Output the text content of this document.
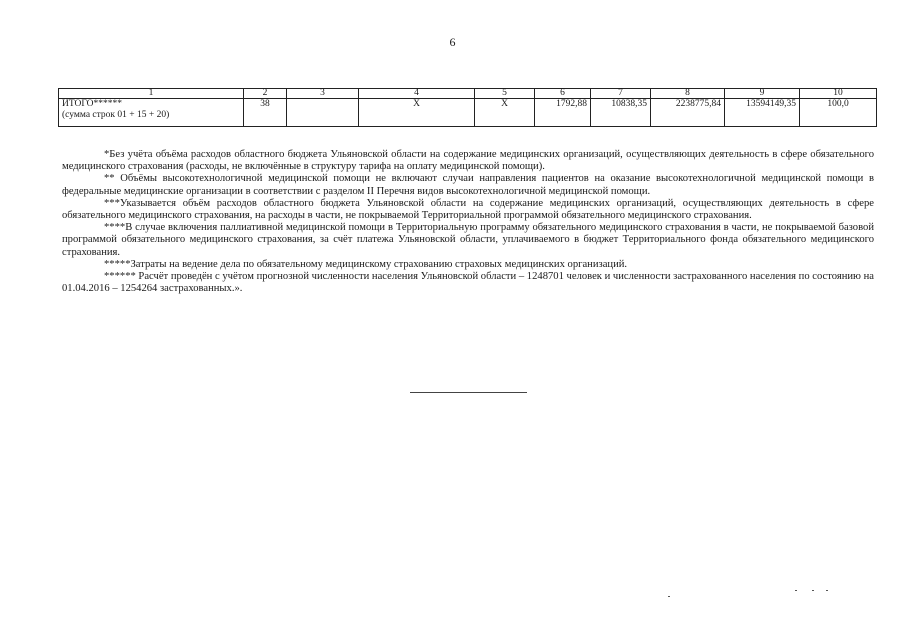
6
1	2	3	4	5	6	7	8	9	10

ИТОГО******
(сумма строк 01 + 15 + 20)	38		Х	Х	1792,88	10838,35	2238775,84	13594149,35	100,0

*Без учёта объёма расходов областного бюджета Ульяновской области на содержание медицинских организаций, осуществляющих деятельность в сфере обязательного медицинского страхования (расходы, не включённые в структуру тарифа на оплату медицинской помощи).

** Объёмы высокотехнологичной медицинской помощи не включают случаи направления пациентов на оказание высокотехнологичной медицинской помощи в федеральные медицинские организации в соответствии с разделом II Перечня видов высокотехнологичной медицинской помощи.

***Указывается объём расходов областного бюджета Ульяновской области на содержание медицинских организаций, осуществляющих деятельность в сфере обязательного медицинского страхования, на расходы в части, не покрываемой Территориальной программой обязательного медицинского страхования.

****В случае включения паллиативной медицинской помощи в Территориальную программу обязательного медицинского страхования в части, не покрываемой базовой программой обязательного медицинского страхования, за счёт платежа Ульяновской области, уплачиваемого в бюджет Территориального фонда обязательного медицинского страхования.

*****Затраты на ведение дела по обязательному медицинскому страхованию страховых медицинских организаций.

****** Расчёт проведён с учётом прогнозной численности населения Ульяновской области – 1248701 человек и численности застрахованного населения по состоянию на 01.04.2016 – 1254264 застрахованных.».
